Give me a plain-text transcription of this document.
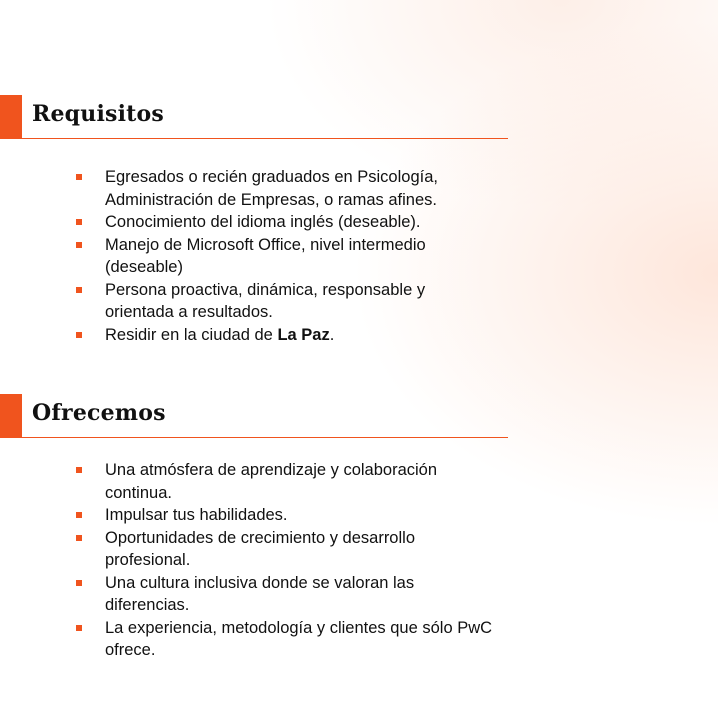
Requisitos
Egresados o recién graduados en Psicología, Administración de Empresas, o ramas afines.
Conocimiento del idioma inglés (deseable).
Manejo de Microsoft Office, nivel intermedio (deseable)
Persona proactiva, dinámica, responsable y orientada a resultados.
Residir en la ciudad de La Paz.
Ofrecemos
Una atmósfera de aprendizaje y colaboración continua.
Impulsar tus habilidades.
Oportunidades de crecimiento y desarrollo profesional.
Una cultura inclusiva donde se valoran las diferencias.
La experiencia, metodología y clientes que sólo PwC ofrece.
